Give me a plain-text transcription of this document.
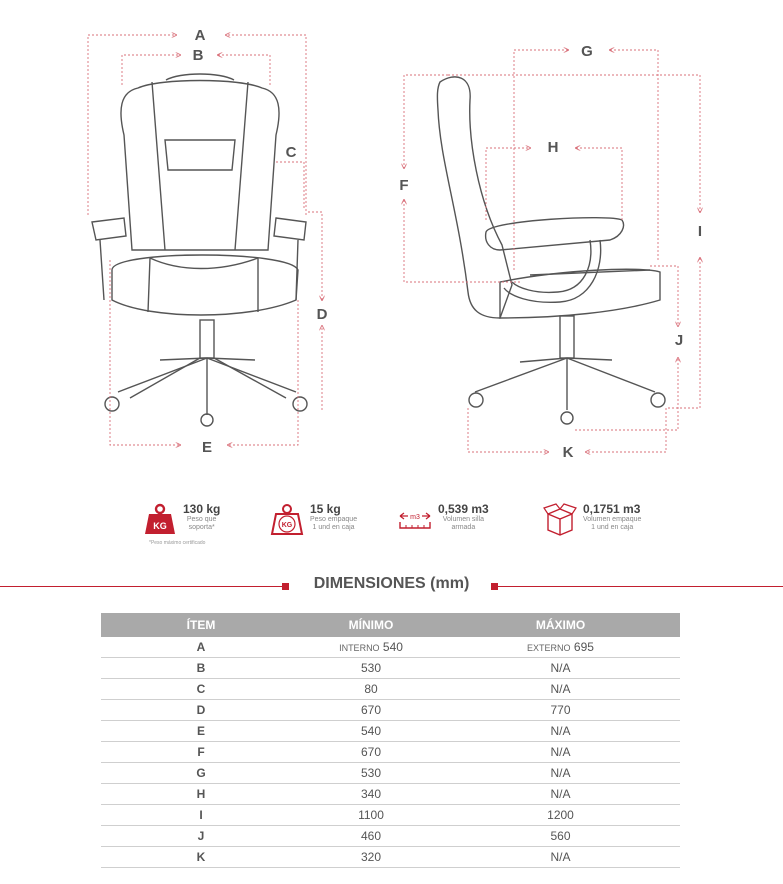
A
B
C
D
E
G
H
F
I
J
K
KG
130 kg
Peso que
soporta*
*Peso máximo certificado
KG
15 kg
Peso empaque
1 und en caja
m3
0,539 m3
Volumen silla
armada
0,1751 m3
Volumen empaque
1 und en caja
DIMENSIONES (mm)
ÍTEM	MÍNIMO	MÁXIMO
A	INTERNO 540	EXTERNO 695
B	530	N/A
C	80	N/A
D	670	770
E	540	N/A
F	670	N/A
G	530	N/A
H	340	N/A
I	1100	1200
J	460	560
K	320	N/A
